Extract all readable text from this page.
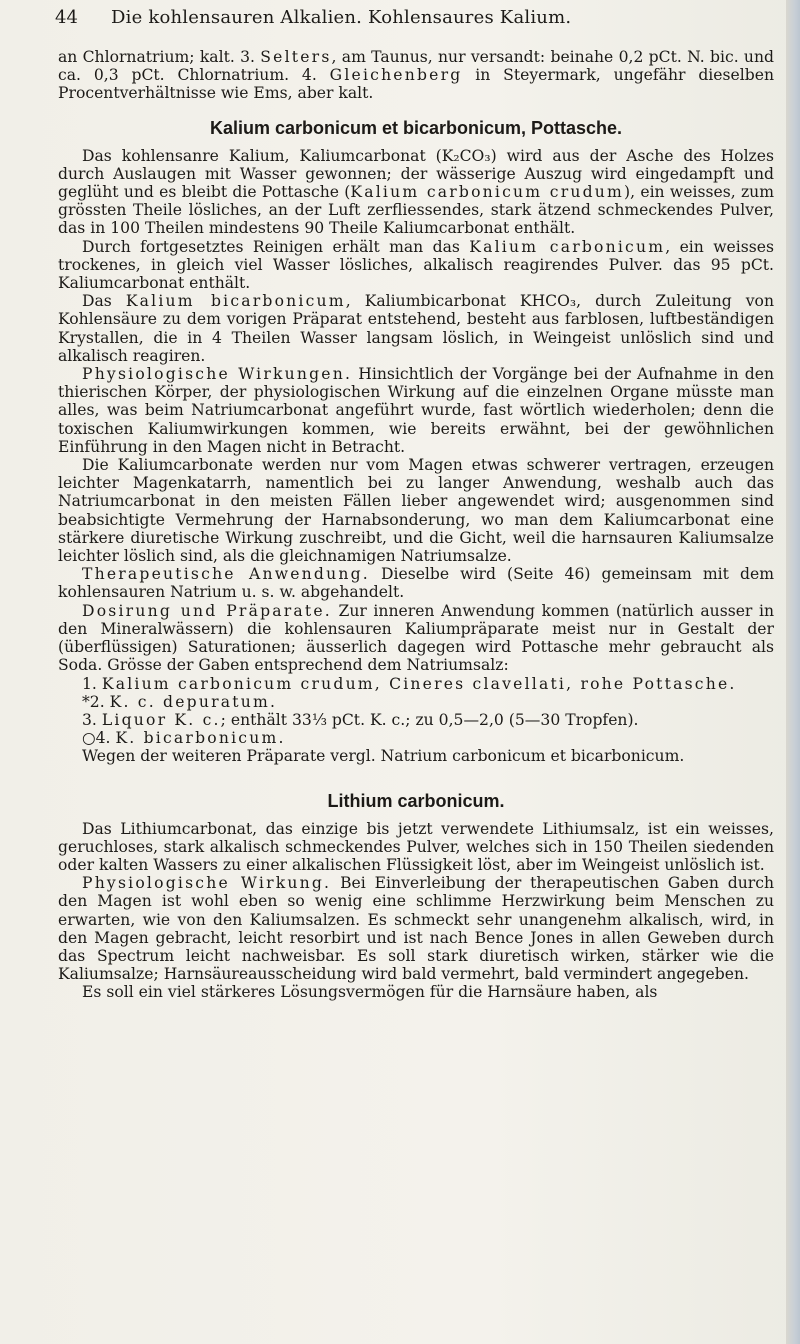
44 Die kohlensauren Alkalien. Kohlensaures Kalium.

an Chlornatrium; kalt. 3. Selters, am Taunus, nur versandt: beinahe 0,2 pCt. N. bic. und ca. 0,3 pCt. Chlornatrium. 4. Gleichenberg in Steyermark, ungefähr dieselben Procentverhältnisse wie Ems, aber kalt.

Kalium carbonicum et bicarbonicum, Pottasche.

Das kohlensanre Kalium, Kaliumcarbonat (K₂CO₃) wird aus der Asche des Holzes durch Auslaugen mit Wasser gewonnen; der wässerige Auszug wird eingedampft und geglüht und es bleibt die Pottasche (Kalium carbonicum crudum), ein weisses, zum grössten Theile lösliches, an der Luft zerfliessendes, stark ätzend schmeckendes Pulver, das in 100 Theilen mindestens 90 Theile Kaliumcarbonat enthält.

Durch fortgesetztes Reinigen erhält man das Kalium carbonicum, ein weisses trockenes, in gleich viel Wasser lösliches, alkalisch reagirendes Pulver. das 95 pCt. Kaliumcarbonat enthält.

Das Kalium bicarbonicum, Kaliumbicarbonat KHCO₃, durch Zuleitung von Kohlensäure zu dem vorigen Präparat entstehend, besteht aus farblosen, luftbeständigen Krystallen, die in 4 Theilen Wasser langsam löslich, in Weingeist unlöslich sind und alkalisch reagiren.

Physiologische Wirkungen. Hinsichtlich der Vorgänge bei der Aufnahme in den thierischen Körper, der physiologischen Wirkung auf die einzelnen Organe müsste man alles, was beim Natriumcarbonat angeführt wurde, fast wörtlich wiederholen; denn die toxischen Kaliumwirkungen kommen, wie bereits erwähnt, bei der gewöhnlichen Einführung in den Magen nicht in Betracht.

Die Kaliumcarbonate werden nur vom Magen etwas schwerer vertragen, erzeugen leichter Magenkatarrh, namentlich bei zu langer Anwendung, weshalb auch das Natriumcarbonat in den meisten Fällen lieber angewendet wird; ausgenommen sind beabsichtigte Vermehrung der Harnabsonderung, wo man dem Kaliumcarbonat eine stärkere diuretische Wirkung zuschreibt, und die Gicht, weil die harnsauren Kaliumsalze leichter löslich sind, als die gleichnamigen Natriumsalze.

Therapeutische Anwendung. Dieselbe wird (Seite 46) gemeinsam mit dem kohlensauren Natrium u. s. w. abgehandelt.

Dosirung und Präparate. Zur inneren Anwendung kommen (natürlich ausser in den Mineralwässern) die kohlensauren Kaliumpräparate meist nur in Gestalt der (überflüssigen) Saturationen; äusserlich dagegen wird Pottasche mehr gebraucht als Soda. Grösse der Gaben entsprechend dem Natriumsalz:

1. Kalium carbonicum crudum, Cineres clavellati, rohe Pottasche.

*2. K. c. depuratum.

3. Liquor K. c.; enthält 33⅓ pCt. K. c.; zu 0,5—2,0 (5—30 Tropfen).

○4. K. bicarbonicum.

Wegen der weiteren Präparate vergl. Natrium carbonicum et bicarbonicum.

Lithium carbonicum.

Das Lithiumcarbonat, das einzige bis jetzt verwendete Lithiumsalz, ist ein weisses, geruchloses, stark alkalisch schmeckendes Pulver, welches sich in 150 Theilen siedenden oder kalten Wassers zu einer alkalischen Flüssigkeit löst, aber im Weingeist unlöslich ist.

Physiologische Wirkung. Bei Einverleibung der therapeutischen Gaben durch den Magen ist wohl eben so wenig eine schlimme Herzwirkung beim Menschen zu erwarten, wie von den Kaliumsalzen. Es schmeckt sehr unangenehm alkalisch, wird, in den Magen gebracht, leicht resorbirt und ist nach Bence Jones in allen Geweben durch das Spectrum leicht nachweisbar. Es soll stark diuretisch wirken, stärker wie die Kaliumsalze; Harnsäureausscheidung wird bald vermehrt, bald vermindert angegeben.

Es soll ein viel stärkeres Lösungsvermögen für die Harnsäure haben, als
